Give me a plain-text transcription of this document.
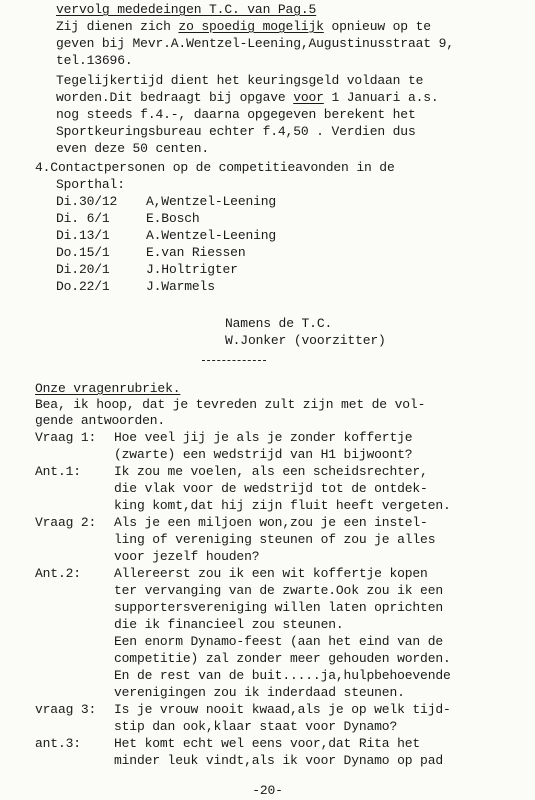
vervolg mededeingen T.C. van Pag.5
Zij dienen zich zo spoedig mogelijk opnieuw op te
geven bij Mevr.A.Wentzel-Leening,Augustinusstraat 9,
tel.13696.
Tegelijkertijd dient het keuringsgeld voldaan te
worden.Dit bedraagt bij opgave voor 1 Januari a.s.
nog steeds f.4.-, daarna opgegeven berekent het
Sportkeuringsbureau echter f.4,50 . Verdien dus
even deze 50 centen.
4.Contactpersonen op de competitieavonden in de
Sporthal:
Di.30/12 A,Wentzel-Leening
Di. 6/1	E.Bosch
Di.13/1	A.Wentzel-Leening
Do.15/1	E.van Riessen
Di.20/1	J.Holtrigter
Do.22/1	J.Warmels
Namens de T.C.
W.Jonker (voorzitter)
Onze vragenrubriek.
Bea, ik hoop, dat je tevreden zult zijn met de vol-
gende antwoorden.
Vraag 1: Hoe veel jij je als je zonder koffertje
(zwarte) een wedstrijd van H1 bijwoont?
Ant.1:	Ik zou me voelen, als een scheidsrechter,
die vlak voor de wedstrijd tot de ontdek-
king komt,dat hij zijn fluit heeft vergeten.
Vraag 2: Als je een miljoen won,zou je een instel-
ling of vereniging steunen of zou je alles
voor jezelf houden?
Ant.2:	Allereerst zou ik een wit koffertje kopen
ter vervanging van de zwarte.Ook zou ik een
supportersvereniging willen laten oprichten
die ik financieel zou steunen.
Een enorm Dynamo-feest (aan het eind van de
competitie) zal zonder meer gehouden worden.
En de rest van de buit.....ja,hulpbehoevende
verenigingen zou ik inderdaad steunen.
vraag 3: Is je vrouw nooit kwaad,als je op welk tijd-
stip dan ook,klaar staat voor Dynamo?
ant.3:	Het komt echt wel eens voor,dat Rita het
minder leuk vindt,als ik voor Dynamo op pad
-20-
